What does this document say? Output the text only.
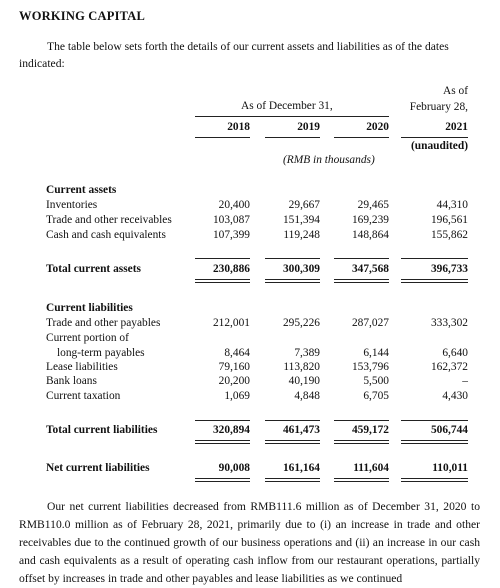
WORKING CAPITAL
The table below sets forth the details of our current assets and liabilities as of the dates indicated:
As of December 31,
As of
February 28,
2018	2019	2020	2021
(unaudited)
(RMB in thousands)
Current assets
Inventories	20,400	29,667	29,465	44,310
Trade and other receivables	103,087	151,394	169,239	196,561
Cash and cash equivalents	107,399	119,248	148,864	155,862
Total current assets	230,886	300,309	347,568	396,733
Current liabilities
Trade and other payables	212,001	295,226	287,027	333,302
Current portion of
long-term payables	8,464	7,389	6,144	6,640
Lease liabilities	79,160	113,820	153,796	162,372
Bank loans	20,200	40,190	5,500	–
Current taxation	1,069	4,848	6,705	4,430
Total current liabilities	320,894	461,473	459,172	506,744
Net current liabilities	90,008	161,164	111,604	110,011
Our net current liabilities decreased from RMB111.6 million as of December 31, 2020 to RMB110.0 million as of February 28, 2021, primarily due to (i) an increase in trade and other receivables due to the continued growth of our business operations and (ii) an increase in our cash and cash equivalents as a result of operating cash inflow from our restaurant operations, partially offset by increases in trade and other payables and lease liabilities as we continued
